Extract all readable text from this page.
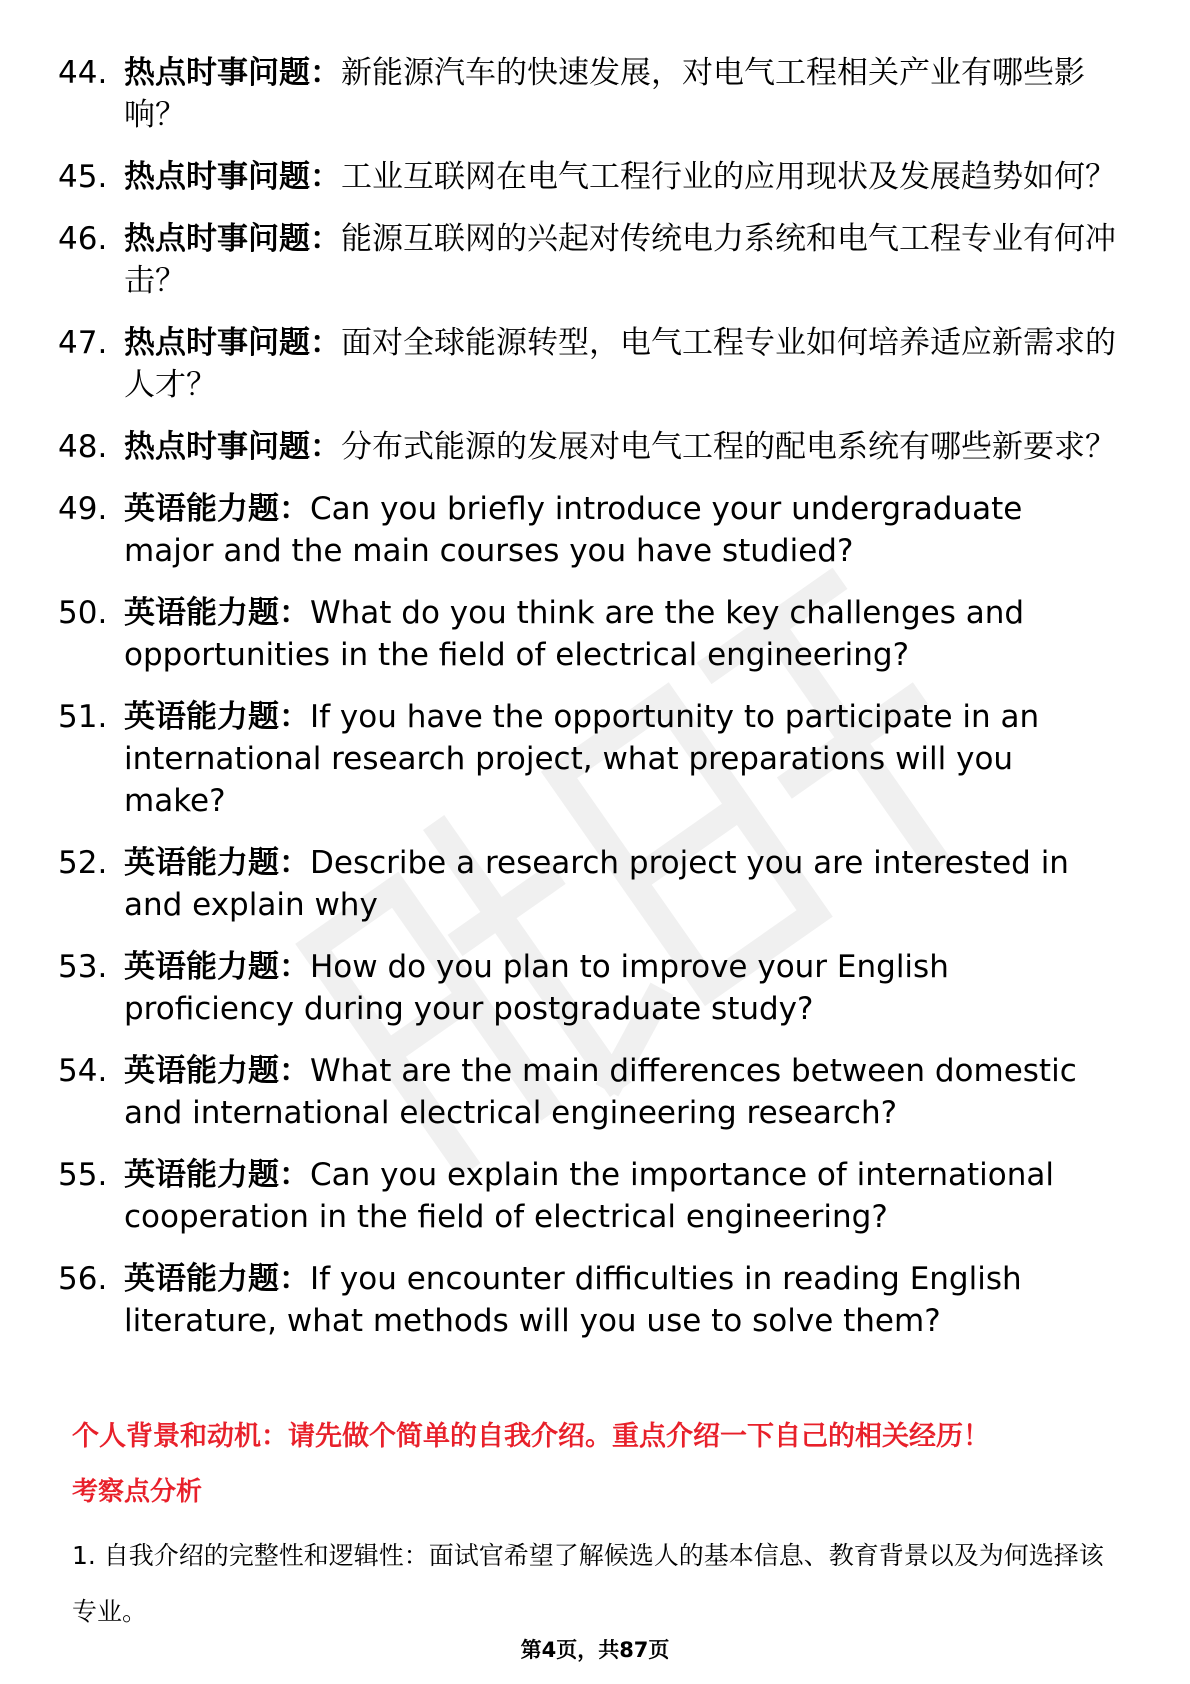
44. 热点时事问题：新能源汽车的快速发展，对电气工程相关产业有哪些影响？
45. 热点时事问题：工业互联网在电气工程行业的应用现状及发展趋势如何？
46. 热点时事问题：能源互联网的兴起对传统电力系统和电气工程专业有何冲击？
47. 热点时事问题：面对全球能源转型，电气工程专业如何培养适应新需求的人才？
48. 热点时事问题：分布式能源的发展对电气工程的配电系统有哪些新要求？
49. 英语能力题：Can you briefly introduce your undergraduate major and the main courses you have studied?
50. 英语能力题：What do you think are the key challenges and opportunities in the field of electrical engineering?
51. 英语能力题：If you have the opportunity to participate in an international research project, what preparations will you make?
52. 英语能力题：Describe a research project you are interested in and explain why
53. 英语能力题：How do you plan to improve your English proficiency during your postgraduate study?
54. 英语能力题：What are the main differences between domestic and international electrical engineering research?
55. 英语能力题：Can you explain the importance of international cooperation in the field of electrical engineering?
56. 英语能力题：If you encounter difficulties in reading English literature, what methods will you use to solve them?
个人背景和动机：请先做个简单的自我介绍。重点介绍一下自己的相关经历！
考察点分析
1. 自我介绍的完整性和逻辑性：面试官希望了解候选人的基本信息、教育背景以及为何选择该专业。
第4页，共87页
